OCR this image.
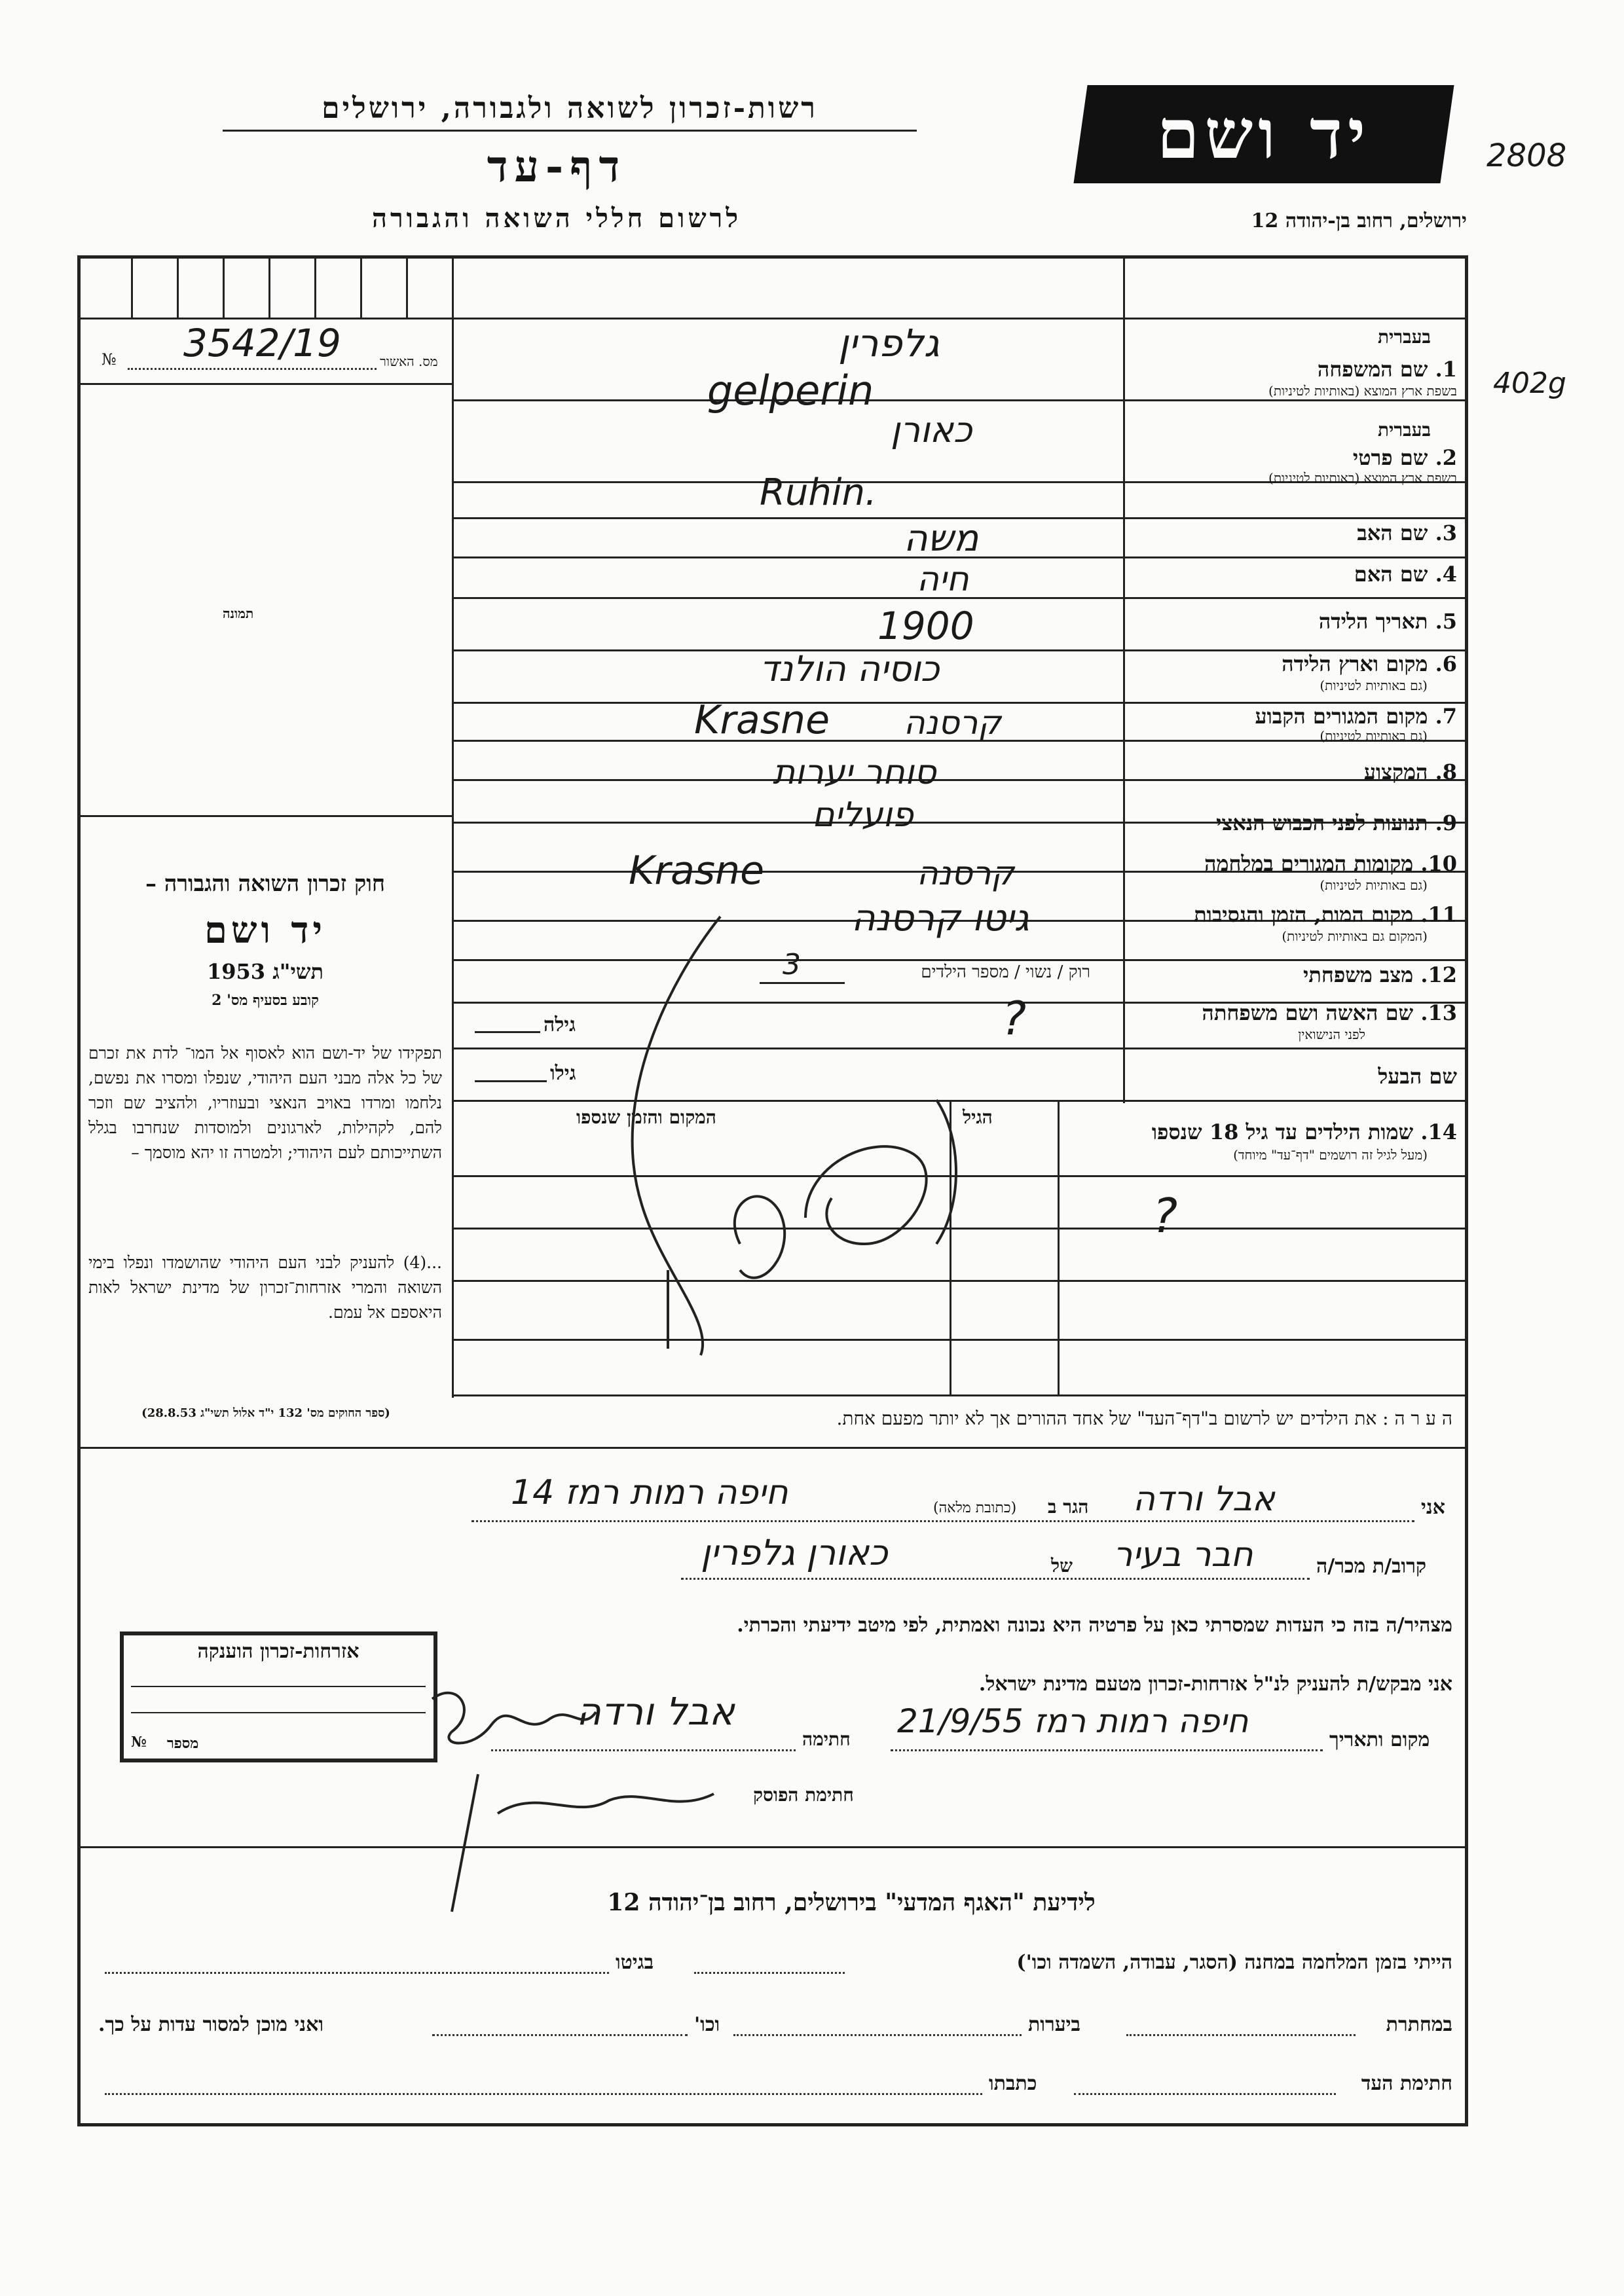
רשות-זכרון לשואה ולגבורה, ירושלים
דף-עד
לרשום חללי השואה והגבורה
יד ושם
ירושלים, רחוב בן-יהודה 12
2808
402g
מס. האשור
№ 3542/19
תמונה
חוק זכרון השואה והגבורה –
יד ושם
תשי"ג 1953
קובע בסעיף מס' 2
תפקידו של יד-ושם הוא לאסוף אל המו־ לדת את זכרם של כל אלה מבני העם היהודי, שנפלו ומסרו את נפשם, נלחמו ומרדו באויב הנאצי ובעוזריו, ולהציב שם וזכר להם, לקהילות, לארגונים ולמוסדות שנחרבו בגלל השתייכותם לעם היהודי; ולמטרה זו יהא מוסמך –
...(4) להעניק לבני העם היהודי שהושמדו ונפלו בימי השואה והמרי אזרחות־זכרון של מדינת ישראל לאות היאספם אל עמם.
(ספר החוקים מס' 132 י"ד אלול תשי"ג 28.8.53)
בעברית
1. שם המשפחה
בשפת ארץ המוצא (באותיות לטיניות)
בעברית
2. שם פרטי
בשפת ארץ המוצא (באותיות לטיניות)
3. שם האב
4. שם האם
5. תאריך הלידה
6. מקום וארץ הלידה
(גם באותיות לטיניות)
7. מקום המגורים הקבוע
(גם באותיות לטיניות)
8. המקצוע
9. תנועות לפני הכבוש הנאצי
10. מקומות המגורים במלחמה
(גם באותיות לטיניות)
11. מקום המות, הזמן והנסיבות
(המקום גם באותיות לטיניות)
12. מצב משפחתי
רוק / נשוי / מספר הילדים
3
13. שם האשה ושם משפחתה
לפני הנישואין
?
גילה
שם הבעל
גילו
14. שמות הילדים עד גיל 18 שנספו
(מעל לגיל זה רושמים "דף־עד" מיוחד)
הגיל
המקום והזמן שנספו
?
ה ע ר ה : את הילדים יש לרשום ב"דף־העד" של אחד ההורים אך לא יותר מפעם אחת.
גלפרין
gelperin
כאורן
Ruhin.
משה
חיה
1900
כוסיה הולנד
Krasne קרסנה
סוחר יערות
פועלים
Krasne	קרסנה
גיטו קרסנה
אני
אבל ורדה
הגר ב
(כתובת מלאה)
חיפה רמות רמז 14
קרוב/ת מכר/ה
חבר בעיר
של
כאורן גלפרין
מצהיר/ה בזה כי העדות שמסרתי כאן על פרטיה היא נכונה ואמתית, לפי מיטב ידיעתי והכרתי.
אני מבקש/ת להעניק לנ"ל אזרחות-זכרון מטעם מדינת ישראל.
מקום ותאריך
חיפה רמות רמז 21/9/55
חתימה
אבל ורדה
חתימת הפוסק
אזרחות-זכרון הוענקה
מספר
№
לידיעת "האגף המדעי" בירושלים, רחוב בן־יהודה 12
הייתי בזמן המלחמה במחנה (הסגר, עבודה, השמדה וכו')
בגיטו
במחתרת
ביערות
וכו'
ואני מוכן למסור עדות על כך.
חתימת העד
כתבתו
